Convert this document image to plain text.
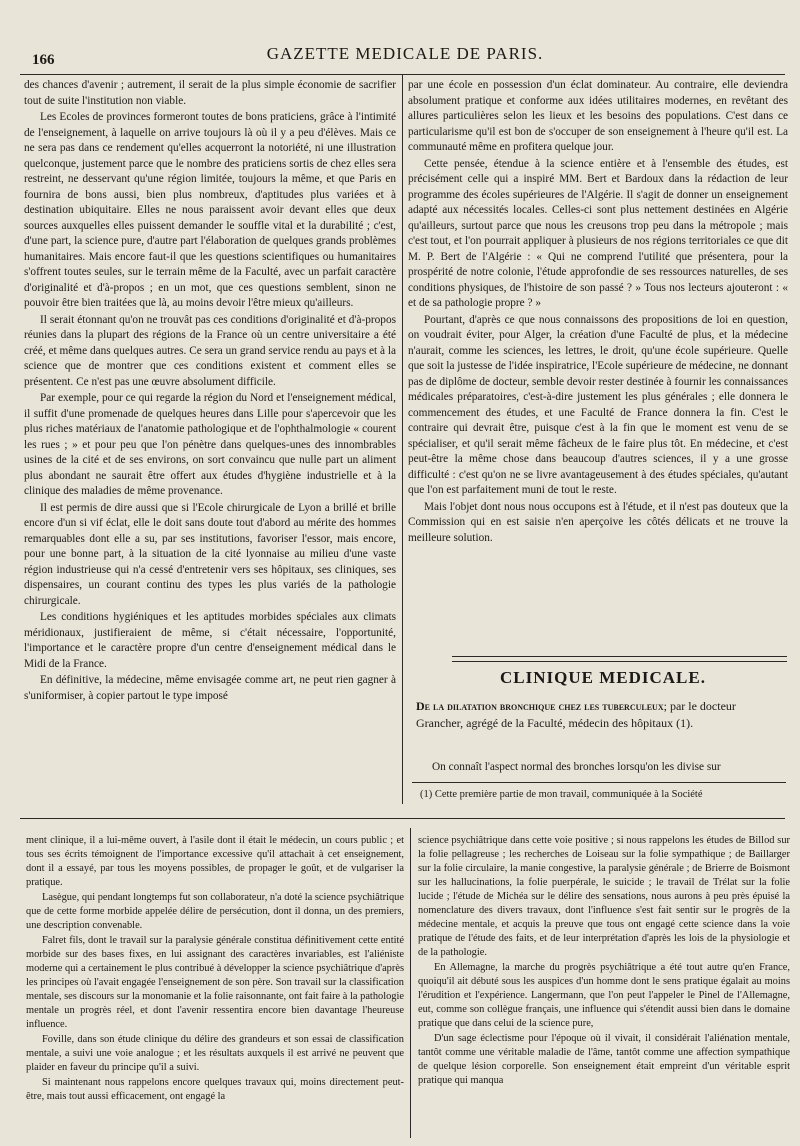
166	GAZETTE MEDICALE DE PARIS.

des chances d'avenir ; autrement, il serait de la plus simple économie de sacrifier tout de suite l'institution non viable.

Les Ecoles de provinces formeront toutes de bons praticiens, grâce à l'intimité de l'enseignement, à laquelle on arrive toujours là où il y a peu d'élèves. Mais ce ne sera pas dans ce rendement qu'elles acquerront la notoriété, ni une illustration quelconque, justement parce que le nombre des praticiens sortis de chez elles sera restreint, ne desservant qu'une région limitée, toujours la même, et que Paris en fournira de bons aussi, bien plus nombreux, d'aptitudes plus variées et à destination ubiquitaire. Elles ne nous paraissent avoir devant elles que deux sources auxquelles elles puissent demander le souffle vital et la durabilité ; c'est, d'une part, la science pure, d'autre part l'élaboration de quelques grands problèmes humanitaires. Mais encore faut-il que les questions scientifiques ou humanitaires s'offrent toutes seules, sur le terrain même de la Faculté, avec un parfait caractère d'originalité et d'à-propos ; en un mot, que ces questions semblent, sinon ne pouvoir être bien traitées que là, au moins devoir l'être mieux qu'ailleurs.

Il serait étonnant qu'on ne trouvât pas ces conditions d'originalité et d'à-propos réunies dans la plupart des régions de la France où un centre universitaire a été créé, et même dans quelques autres. Ce sera un grand service rendu au pays et à la science que de montrer que ces conditions existent et comment elles se présentent. Ce n'est pas une œuvre absolument difficile.

Par exemple, pour ce qui regarde la région du Nord et l'enseignement médical, il suffit d'une promenade de quelques heures dans Lille pour s'apercevoir que les plus riches matériaux de l'anatomie pathologique et de l'ophthalmologie « courent les rues ; » et pour peu que l'on pénètre dans quelques-unes des innombrables usines de la cité et de ses environs, on sort convaincu que nulle part un aliment plus abondant ne saurait être offert aux études d'hygiène industrielle et à la clinique des maladies de même provenance.

Il est permis de dire aussi que si l'Ecole chirurgicale de Lyon a brillé et brille encore d'un si vif éclat, elle le doit sans doute tout d'abord au mérite des hommes remarquables dont elle a su, par ses institutions, favoriser l'essor, mais encore, pour une bonne part, à la situation de la cité lyonnaise au milieu d'une vaste région industrieuse qui n'a cessé d'entretenir vers ses hôpitaux, ses cliniques, ses dispensaires, un courant continu des types les plus variés de la pathologie chirurgicale.

Les conditions hygiéniques et les aptitudes morbides spéciales aux climats méridionaux, justifieraient de même, si c'était nécessaire, l'opportunité, l'importance et le caractère propre d'un centre d'enseignement médical dans le Midi de la France.

En définitive, la médecine, même envisagée comme art, ne peut rien gagner à s'uniformiser, à copier partout le type imposé

par une école en possession d'un éclat dominateur. Au contraire, elle deviendra absolument pratique et conforme aux idées utilitaires modernes, en revêtant des allures particulières selon les lieux et les besoins des populations. C'est dans ce particularisme qu'il est bon de s'occuper de son enseignement à l'heure qu'il est. La communauté même en profitera quelque jour.

Cette pensée, étendue à la science entière et à l'ensemble des études, est précisément celle qui a inspiré MM. Bert et Bardoux dans la rédaction de leur programme des écoles supérieures de l'Algérie. Il s'agit de donner un enseignement adapté aux nécessités locales. Celles-ci sont plus nettement destinées en Algérie qu'ailleurs, surtout parce que nous les creusons trop peu dans la métropole ; mais c'est tout, et l'on pourrait appliquer à plusieurs de nos régions territoriales ce que dit M. P. Bert de l'Algérie : « Qui ne comprend l'utilité que présentera, pour la prospérité de notre colonie, l'étude approfondie de ses ressources naturelles, de ses conditions physiques, de l'histoire de son passé ? » Tous nos lecteurs ajouteront : « et de sa pathologie propre ? »

Pourtant, d'après ce que nous connaissons des propositions de loi en question, on voudrait éviter, pour Alger, la création d'une Faculté de plus, et la médecine n'aurait, comme les sciences, les lettres, le droit, qu'une école supérieure. Quelle que soit la justesse de l'idée inspiratrice, l'Ecole supérieure de médecine, ne donnant pas de diplôme de docteur, semble devoir rester destinée à fournir les connaissances médicales préparatoires, c'est-à-dire justement les plus générales ; elle donnera le commencement des études, et une Faculté de France donnera la fin. C'est le contraire qui devrait être, puisque c'est à la fin que le moment est venu de se spécialiser, et qu'il serait même fâcheux de le faire plus tôt. En médecine, et c'est peut-être la même chose dans beaucoup d'autres sciences, il y a une grosse difficulté : c'est qu'on ne se livre avantageusement à des études spéciales, qu'autant que l'on est parfaitement muni de tout le reste.

Mais l'objet dont nous nous occupons est à l'étude, et il n'est pas douteux que la Commission qui en est saisie n'en aperçoive les côtés délicats et ne trouve la meilleure solution.

CLINIQUE MEDICALE.
De la dilatation bronchique chez les tuberculeux; par le docteur Grancher, agrégé de la Faculté, médecin des hôpitaux (1).
On connaît l'aspect normal des bronches lorsqu'on les divise sur
(1) Cette première partie de mon travail, communiquée à la Société

ment clinique, il a lui-même ouvert, à l'asile dont il était le médecin, un cours public ; et tous ses écrits témoignent de l'importance excessive qu'il attachait à cet enseignement, dont il a essayé, par tous les moyens possibles, de propager le goût, et de vulgariser la pratique.

Lasègue, qui pendant longtemps fut son collaborateur, n'a doté la science psychiâtrique que de cette forme morbide appelée délire de persécution, dont il donna, un des premiers, une description convenable.

Falret fils, dont le travail sur la paralysie générale constitua définitivement cette entité morbide sur des bases fixes, en lui assignant des caractères invariables, est l'aliéniste moderne qui a certainement le plus contribué à développer la science psychiâtrique d'après les principes où l'avait engagée l'enseignement de son père. Son travail sur la classification mentale, ses discours sur la monomanie et la folie raisonnante, ont fait faire à la pathologie mentale un progrès réel, et dont l'avenir ressentira encore bien davantage l'heureuse influence.

Foville, dans son étude clinique du délire des grandeurs et son essai de classification mentale, a suivi une voie analogue ; et les résultats auxquels il est arrivé ne peuvent que plaider en faveur du principe qu'il a suivi.

Si maintenant nous rappelons encore quelques travaux qui, moins directement peut-être, mais tout aussi efficacement, ont engagé la

science psychiâtrique dans cette voie positive ; si nous rappelons les études de Billod sur la folie pellagreuse ; les recherches de Loiseau sur la folie sympathique ; de Baillarger sur la folie circulaire, la manie congestive, la paralysie générale ; de Brierre de Boismont sur les hallucinations, la folie puerpérale, le suicide ; le travail de Trélat sur la folie lucide ; l'étude de Michéa sur le délire des sensations, nous aurons à peu près épuisé la nomenclature des divers travaux, dont l'influence s'est fait sentir sur le progrès de la médecine mentale, et acquis la preuve que tous ont engagé cette science dans la voie pratique de l'étude des faits, et de leur interprétation d'après les lois de la physiologie et de la pathologie.

En Allemagne, la marche du progrès psychiâtrique a été tout autre qu'en France, quoiqu'il ait débuté sous les auspices d'un homme dont le sens pratique égalait au moins l'érudition et l'expérience. Langermann, que l'on peut l'appeler le Pinel de l'Allemagne, eut, comme son collègue français, une influence qui s'étendit aussi bien dans le domaine pratique que dans celui de la science pure,

D'un sage éclectisme pour l'époque où il vivait, il considérait l'aliénation mentale, tantôt comme une véritable maladie de l'âme, tantôt comme une affection sympathique de quelque lésion corporelle. Son enseignement était empreint d'un véritable esprit pratique qui manqua
